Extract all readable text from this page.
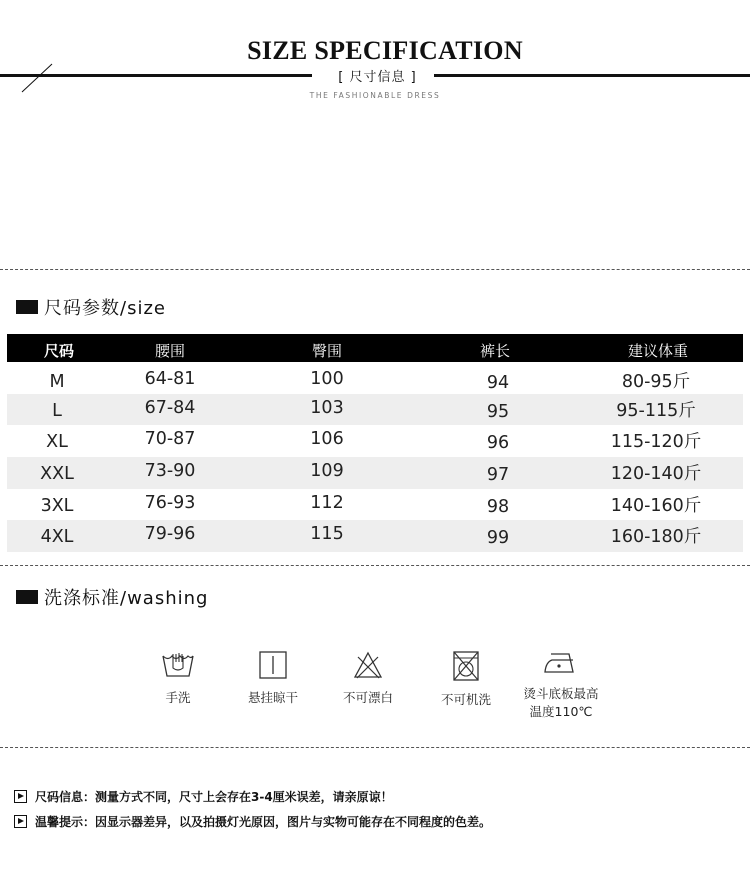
SIZE SPECIFICATION
[ 尺寸信息 ]
THE FASHIONABLE DRESS
尺码参数/size
尺码	腰围	臀围	裤长	建议体重
M	64-81	100	94	80-95斤
L	67-84	103	95	95-115斤
XL	70-87	106	96	115-120斤
XXL	73-90	109	97	120-140斤
3XL	76-93	112	98	140-160斤
4XL	79-96	115	99	160-180斤
洗涤标准/washing
手洗	悬挂晾干	不可漂白	不可机洗	烫斗底板最高
温度110℃
尺码信息：测量方式不同，尺寸上会存在3-4厘米误差，请亲原谅！
温馨提示：因显示器差异，以及拍摄灯光原因，图片与实物可能存在不同程度的色差。
